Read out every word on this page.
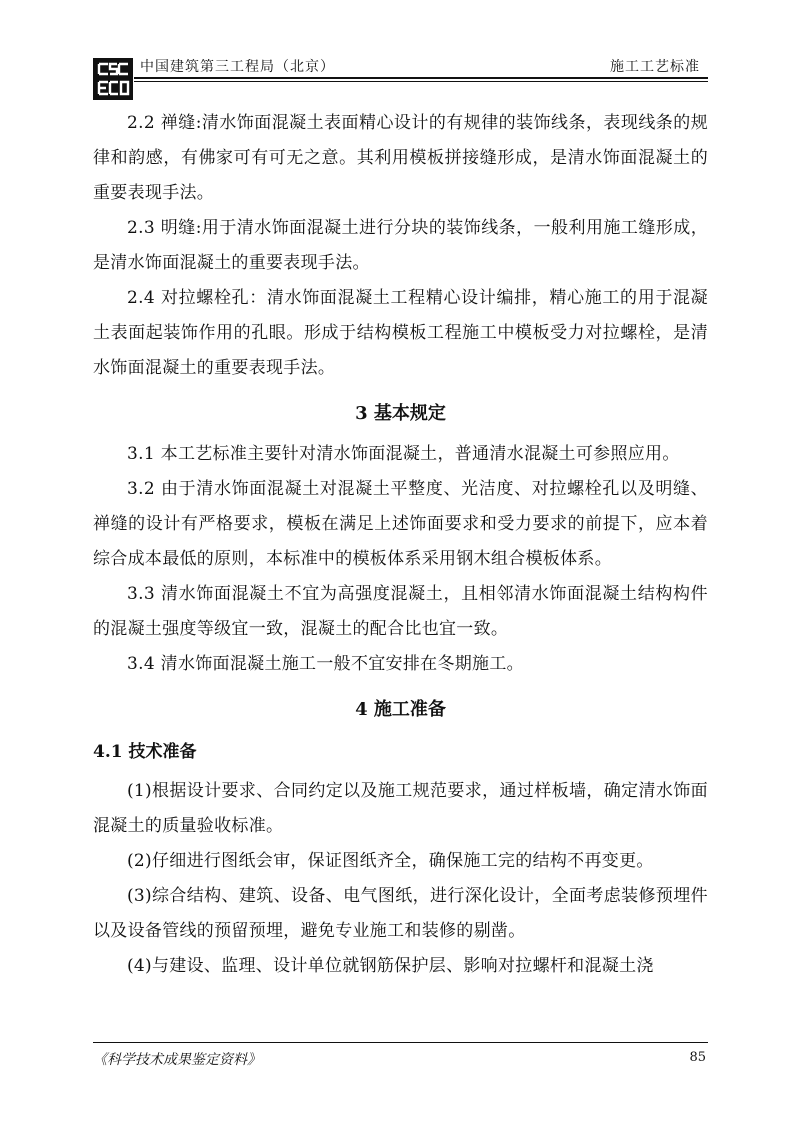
中国建筑第三工程局（北京）	施工工艺标准

2.2 禅缝:清水饰面混凝土表面精心设计的有规律的装饰线条，表现线条的规律和韵感，有佛家可有可无之意。其利用模板拼接缝形成，是清水饰面混凝土的重要表现手法。

2.3 明缝:用于清水饰面混凝土进行分块的装饰线条，一般利用施工缝形成，是清水饰面混凝土的重要表现手法。

2.4 对拉螺栓孔：清水饰面混凝土工程精心设计编排，精心施工的用于混凝土表面起装饰作用的孔眼。形成于结构模板工程施工中模板受力对拉螺栓，是清水饰面混凝土的重要表现手法。

3 基本规定

3.1 本工艺标准主要针对清水饰面混凝土，普通清水混凝土可参照应用。

3.2 由于清水饰面混凝土对混凝土平整度、光洁度、对拉螺栓孔以及明缝、禅缝的设计有严格要求，模板在满足上述饰面要求和受力要求的前提下，应本着综合成本最低的原则，本标准中的模板体系采用钢木组合模板体系。

3.3 清水饰面混凝土不宜为高强度混凝土，且相邻清水饰面混凝土结构构件的混凝土强度等级宜一致，混凝土的配合比也宜一致。

3.4 清水饰面混凝土施工一般不宜安排在冬期施工。

4 施工准备
4.1 技术准备

(1)根据设计要求、合同约定以及施工规范要求，通过样板墙，确定清水饰面混凝土的质量验收标准。

(2)仔细进行图纸会审，保证图纸齐全，确保施工完的结构不再变更。

(3)综合结构、建筑、设备、电气图纸，进行深化设计，全面考虑装修预埋件以及设备管线的预留预埋，避免专业施工和装修的剔凿。

(4)与建设、监理、设计单位就钢筋保护层、影响对拉螺杆和混凝土浇

《科学技术成果鉴定资料》	85
